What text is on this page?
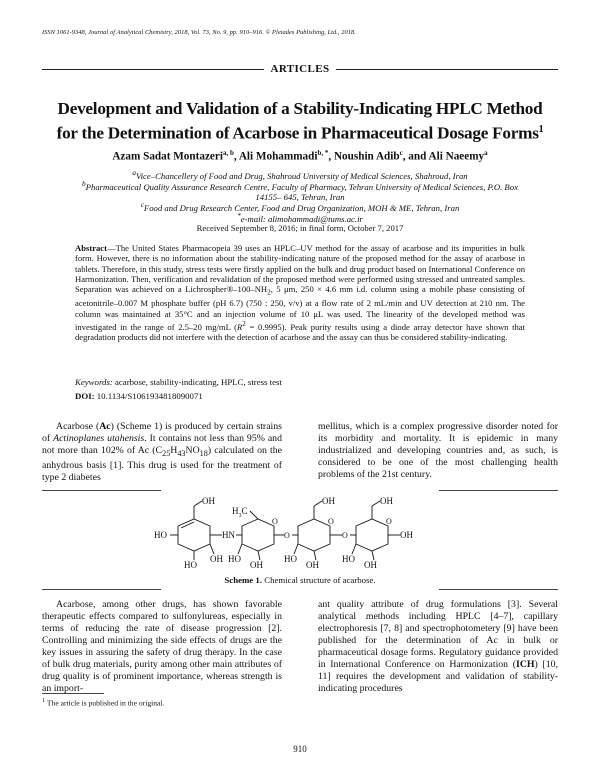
ISSN 1061-9348, Journal of Analytical Chemistry, 2018, Vol. 73, No. 9, pp. 910–916. © Pleiades Publishing, Ltd., 2018.
ARTICLES
Development and Validation of a Stability-Indicating HPLC Method
for the Determination of Acarbose in Pharmaceutical Dosage Forms$^1$
Azam Sadat Montazeri$^{a, b}$, Ali Mohammadi$^{b, *}$, Noushin Adib$^c$, and Ali Naeemy$^a$
$^a$Vice–Chancellery of Food and Drug, Shahroud University of Medical Sciences, Shahroud, Iran
$^b$Pharmaceutical Quality Assurance Research Centre, Faculty of Pharmacy, Tehran University of Medical Sciences, P.O. Box 14155– 645, Tehran, Iran
$^c$Food and Drug Research Center, Food and Drug Organization, MOH & ME, Tehran, Iran
*e-mail: alimohammadi@tums.ac.ir
Received September 8, 2016; in final form, October 7, 2017
Abstract—The United States Pharmacopeia 39 uses an HPLC–UV method for the assay of acarbose and its impurities in bulk form. However, there is no information about the stability-indicating nature of the proposed method for the assay of acarbose in tablets. Therefore, in this study, stress tests were firstly applied on the bulk and drug product based on International Conference on Harmonization. Then, verification and revalidation of the proposed method were performed using stressed and untreated samples. Separation was achieved on a $Lichrospher®-100-NH_2$, 5 μm, 250 × 4.6 mm i.d. column using a mobile phase consisting of acetonitrile–0.007 M phosphate buffer (pH 6.7) (750 : 250, v/v) at a flow rate of 2 mL/min and UV detection at 210 nm. The column was maintained at 35°C and an injection volume of 10 μL was used. The linearity of the developed method was investigated in the range of 2.5–20 mg/mL $(R^2 = 0.9995)$. Peak purity results using a diode array detector have shown that degradation products did not interfere with the detection of acarbose and the assay can thus be considered stability-indicating.
Keywords: acarbose, stability-indicating, HPLC, stress test
DOI: 10.1134/S1061934818090071

Acarbose (Ac) (Scheme 1) is produced by certain strains of Actinoplanes utahensis. It contains not less than 95% and not more than 102% of Ac $(C_{25}H_{43}NO_{18})$ calculated on the anhydrous basis [1]. This drug is used for the treatment of type 2 diabetes

mellitus, which is a complex progressive disorder noted for its morbidity and mortality. It is epidemic in many industrialized and developing countries and, as such, is considered to be one of the most challenging health problems of the 21st century.

OH
HO
HO
OH
HN
$H_3C$
O
HO
OH
O
OH
O
HO
OH
O
OH
O
HO
OH
OH
Scheme 1. Chemical structure of acarbose.

Acarbose, among other drugs, has shown favorable therapeutic effects compared to sulfonylureas, especially in terms of reducing the rate of disease progression [2]. Controlling and minimizing the side effects of drugs are the key issues in assuring the safety of drug therapy. In the case of bulk drug materials, purity among other main attributes of drug quality is of prominent importance, whereas strength is an import-

ant quality attribute of drug formulations [3]. Several analytical methods including HPLC [4–7], capillary electrophoresis [7, 8] and spectrophotometery [9] have been published for the determination of Ac in bulk or pharmaceutical dosage forms. Regulatory guidance provided in International Conference on Harmonization (ICH) [10, 11] requires the development and validation of stability-indicating procedures

$^1$ The article is published in the original.
910
